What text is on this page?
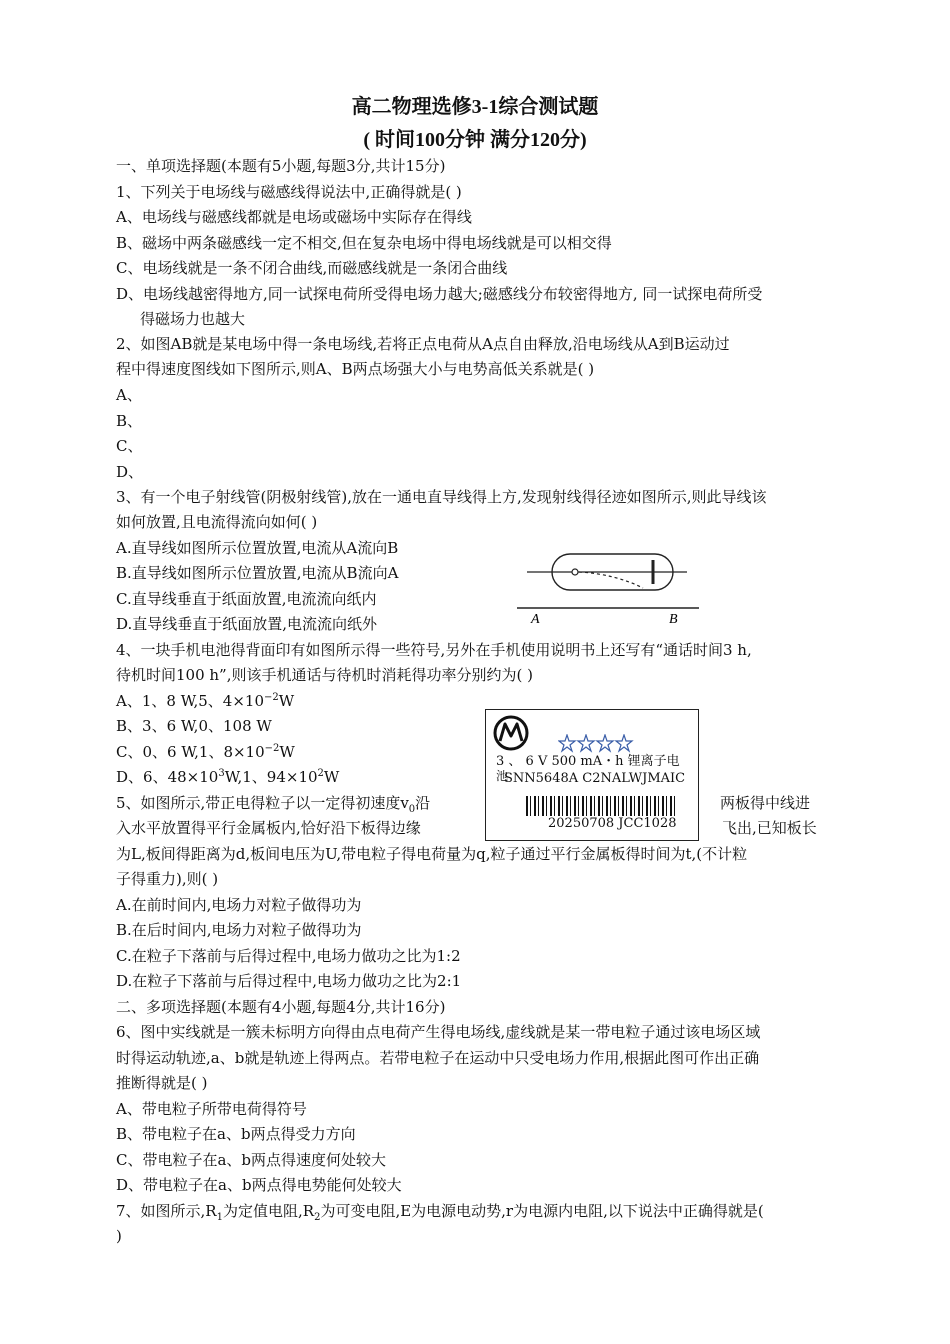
高二物理选修3-1综合测试题
( 时间100分钟 满分120分)
一、单项选择题(本题有5小题,每题3分,共计15分)
1、下列关于电场线与磁感线得说法中,正确得就是( )
A、电场线与磁感线都就是电场或磁场中实际存在得线
B、磁场中两条磁感线一定不相交,但在复杂电场中得电场线就是可以相交得
C、电场线就是一条不闭合曲线,而磁感线就是一条闭合曲线
D、电场线越密得地方,同一试探电荷所受得电场力越大;磁感线分布较密得地方, 同一试探电荷所受
得磁场力也越大
2、如图AB就是某电场中得一条电场线,若将正点电荷从A点自由释放,沿电场线从A到B运动过
程中得速度图线如下图所示,则A、B两点场强大小与电势高低关系就是( )
A、
B、
C、
D、
3、有一个电子射线管(阴极射线管),放在一通电直导线得上方,发现射线得径迹如图所示,则此导线该
如何放置,且电流得流向如何( )
A.直导线如图所示位置放置,电流从A流向B
B.直导线如图所示位置放置,电流从B流向A
C.直导线垂直于纸面放置,电流流向纸内
D.直导线垂直于纸面放置,电流流向纸外	A	B
4、一块手机电池得背面印有如图所示得一些符号,另外在手机使用说明书上还写有“通话时间3 h,
待机时间100 h”,则该手机通话与待机时消耗得功率分别约为( )
A、1、8 W,5、$4\times 10^{-2}W$
B、3、6 W,0、108 W
C、0、6 W,1、$8\times 10^{-2}W$
D、6、$48\times 10^3W,1$、$94\times 10^2W$
3 、 6 V 500 mA・h 锂离子电
池
SNN5648A C2NALWJMAIC
20250708 JCC1028
5、如图所示,带正电得粒子以一定得初速度$v_0$沿	两板得中线进
入水平放置得平行金属板内,恰好沿下板得边缘	飞出,已知板长
为L,板间得距离为d,板间电压为U,带电粒子得电荷量为q,粒子通过平行金属板得时间为t,(不计粒
子得重力),则( )
A.在前时间内,电场力对粒子做得功为
B.在后时间内,电场力对粒子做得功为
C.在粒子下落前与后得过程中,电场力做功之比为1:2
D.在粒子下落前与后得过程中,电场力做功之比为2:1
二、多项选择题(本题有4小题,每题4分,共计16分)
6、图中实线就是一簇未标明方向得由点电荷产生得电场线,虚线就是某一带电粒子通过该电场区域
时得运动轨迹,a、b就是轨迹上得两点。若带电粒子在运动中只受电场力作用,根据此图可作出正确
推断得就是( )
A、带电粒子所带电荷得符号
B、带电粒子在a、b两点得受力方向
C、带电粒子在a、b两点得速度何处较大
D、带电粒子在a、b两点得电势能何处较大
7、如图所示$,R_1$为定值电阻$,R_2$为可变电阻,E为电源电动势,r为电源内电阻,以下说法中正确得就是(
)
